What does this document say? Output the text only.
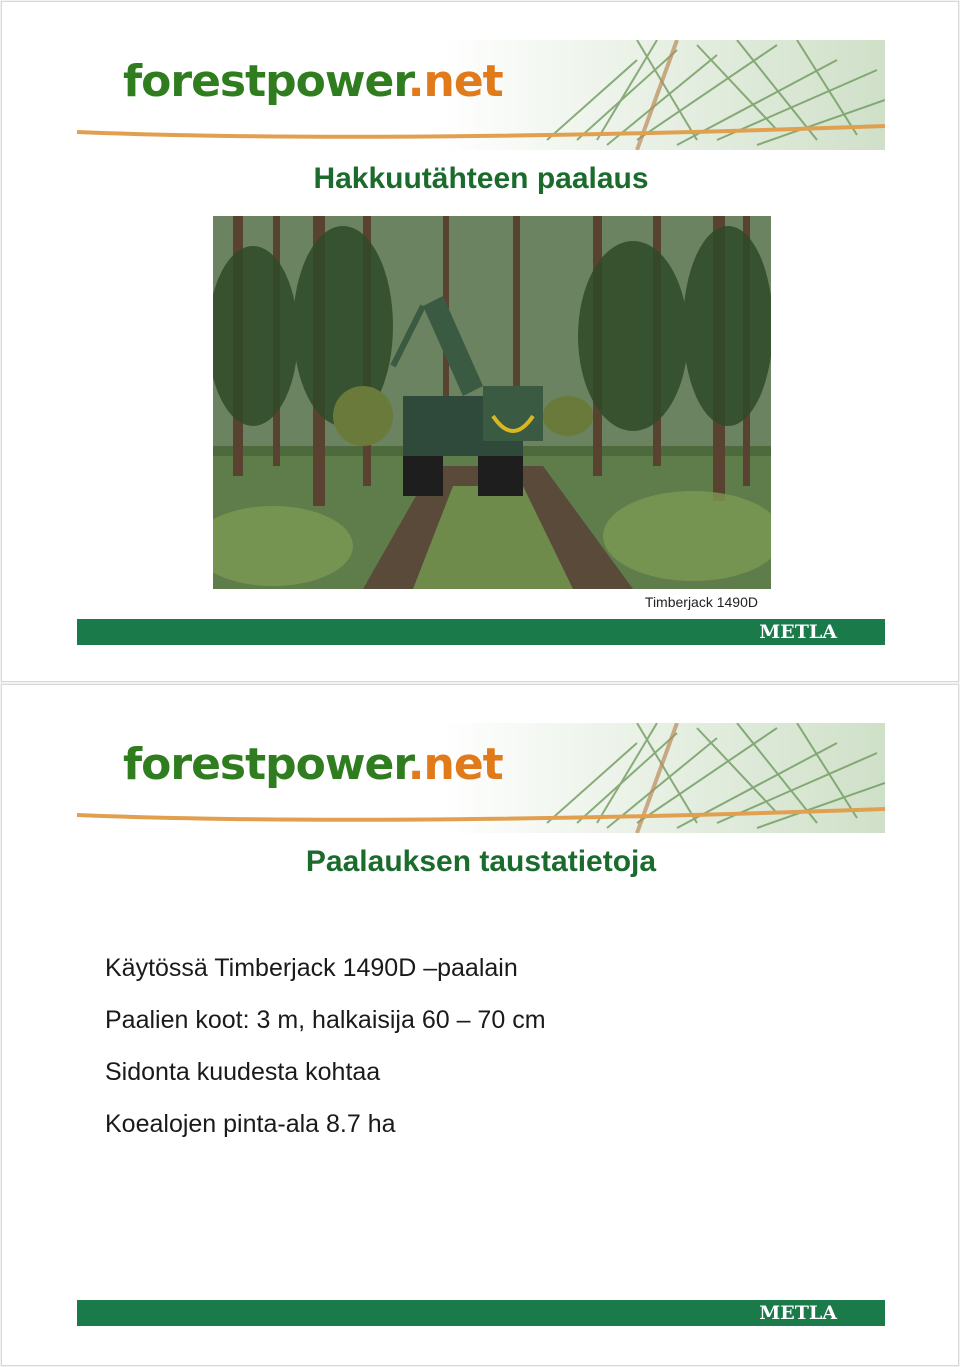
forestpower.net
Hakkuutähteen paalaus
Timberjack 1490D
METLA
forestpower.net
Paalauksen taustatietoja
Käytössä Timberjack 1490D –paalain
Paalien koot: 3 m, halkaisija 60 – 70 cm
Sidonta kuudesta kohtaa
Koealojen pinta-ala 8.7 ha
METLA
